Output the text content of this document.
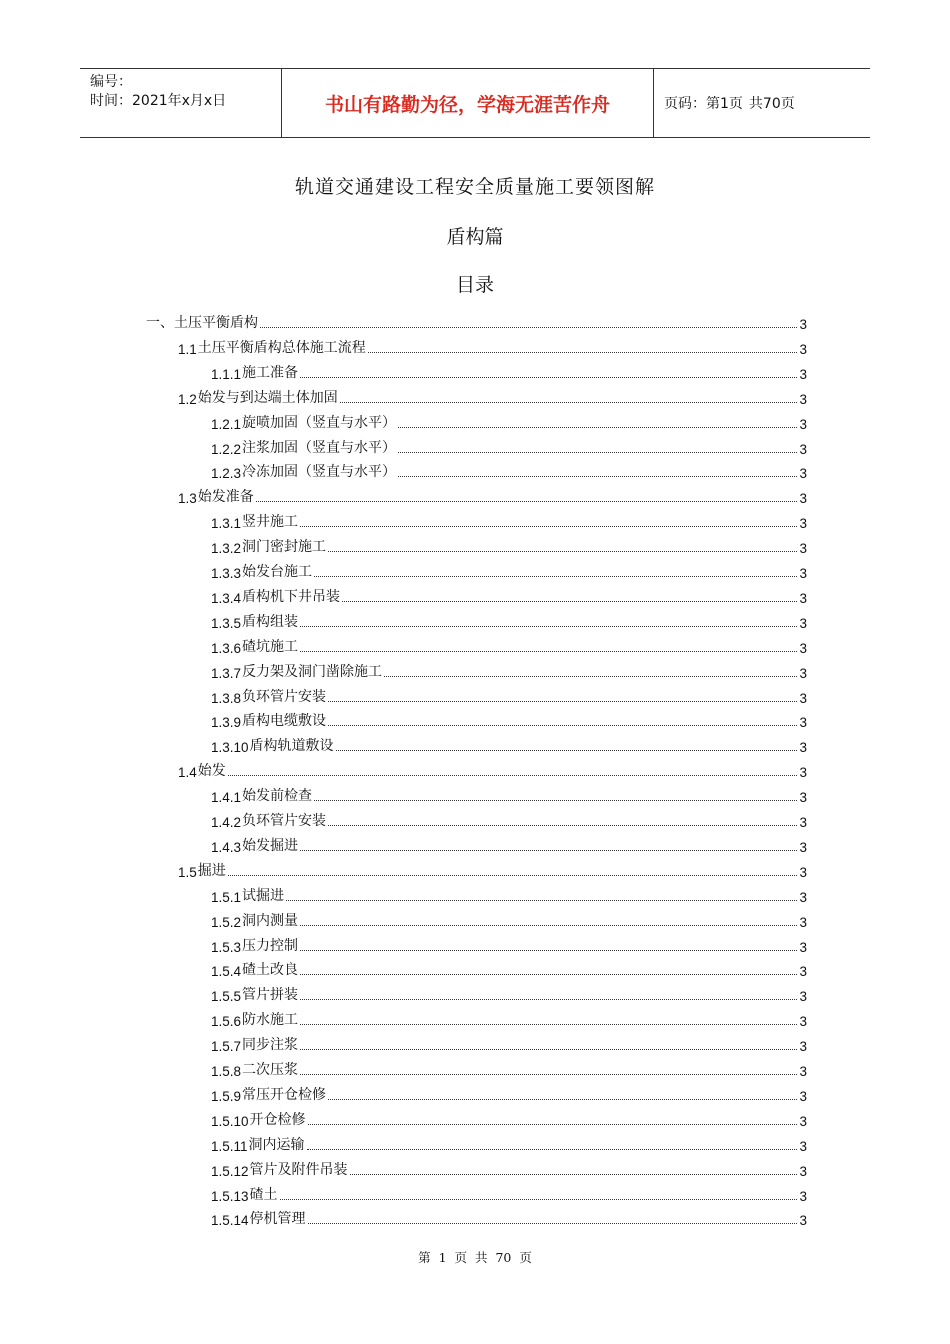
编号：
时间：2021年x月x日	书山有路勤为径，学海无涯苦作舟	页码：第1页 共70页
轨道交通建设工程安全质量施工要领图解
盾构篇
目录
一、土压平衡盾构	3
1.1 土压平衡盾构总体施工流程	3
1.1.1 施工准备	3
1.2 始发与到达端土体加固	3
1.2.1 旋喷加固（竖直与水平）	3
1.2.2 注浆加固（竖直与水平）	3
1.2.3 冷冻加固（竖直与水平）	3
1.3 始发准备	3
1.3.1 竖井施工	3
1.3.2 洞门密封施工	3
1.3.3 始发台施工	3
1.3.4 盾构机下井吊装	3
1.3.5 盾构组装	3
1.3.6 碴坑施工	3
1.3.7 反力架及洞门凿除施工	3
1.3.8 负环管片安装	3
1.3.9 盾构电缆敷设	3
1.3.10 盾构轨道敷设	3
1.4 始发	3
1.4.1 始发前检查	3
1.4.2 负环管片安装	3
1.4.3 始发掘进	3
1.5 掘进	3
1.5.1 试掘进	3
1.5.2 洞内测量	3
1.5.3 压力控制	3
1.5.4 碴土改良	3
1.5.5 管片拼装	3
1.5.6 防水施工	3
1.5.7 同步注浆	3
1.5.8 二次压浆	3
1.5.9 常压开仓检修	3
1.5.10 开仓检修	3
1.5.11 洞内运输	3
1.5.12 管片及附件吊装	3
1.5.13 碴土	3
1.5.14 停机管理	3
第 1 页 共 70 页
